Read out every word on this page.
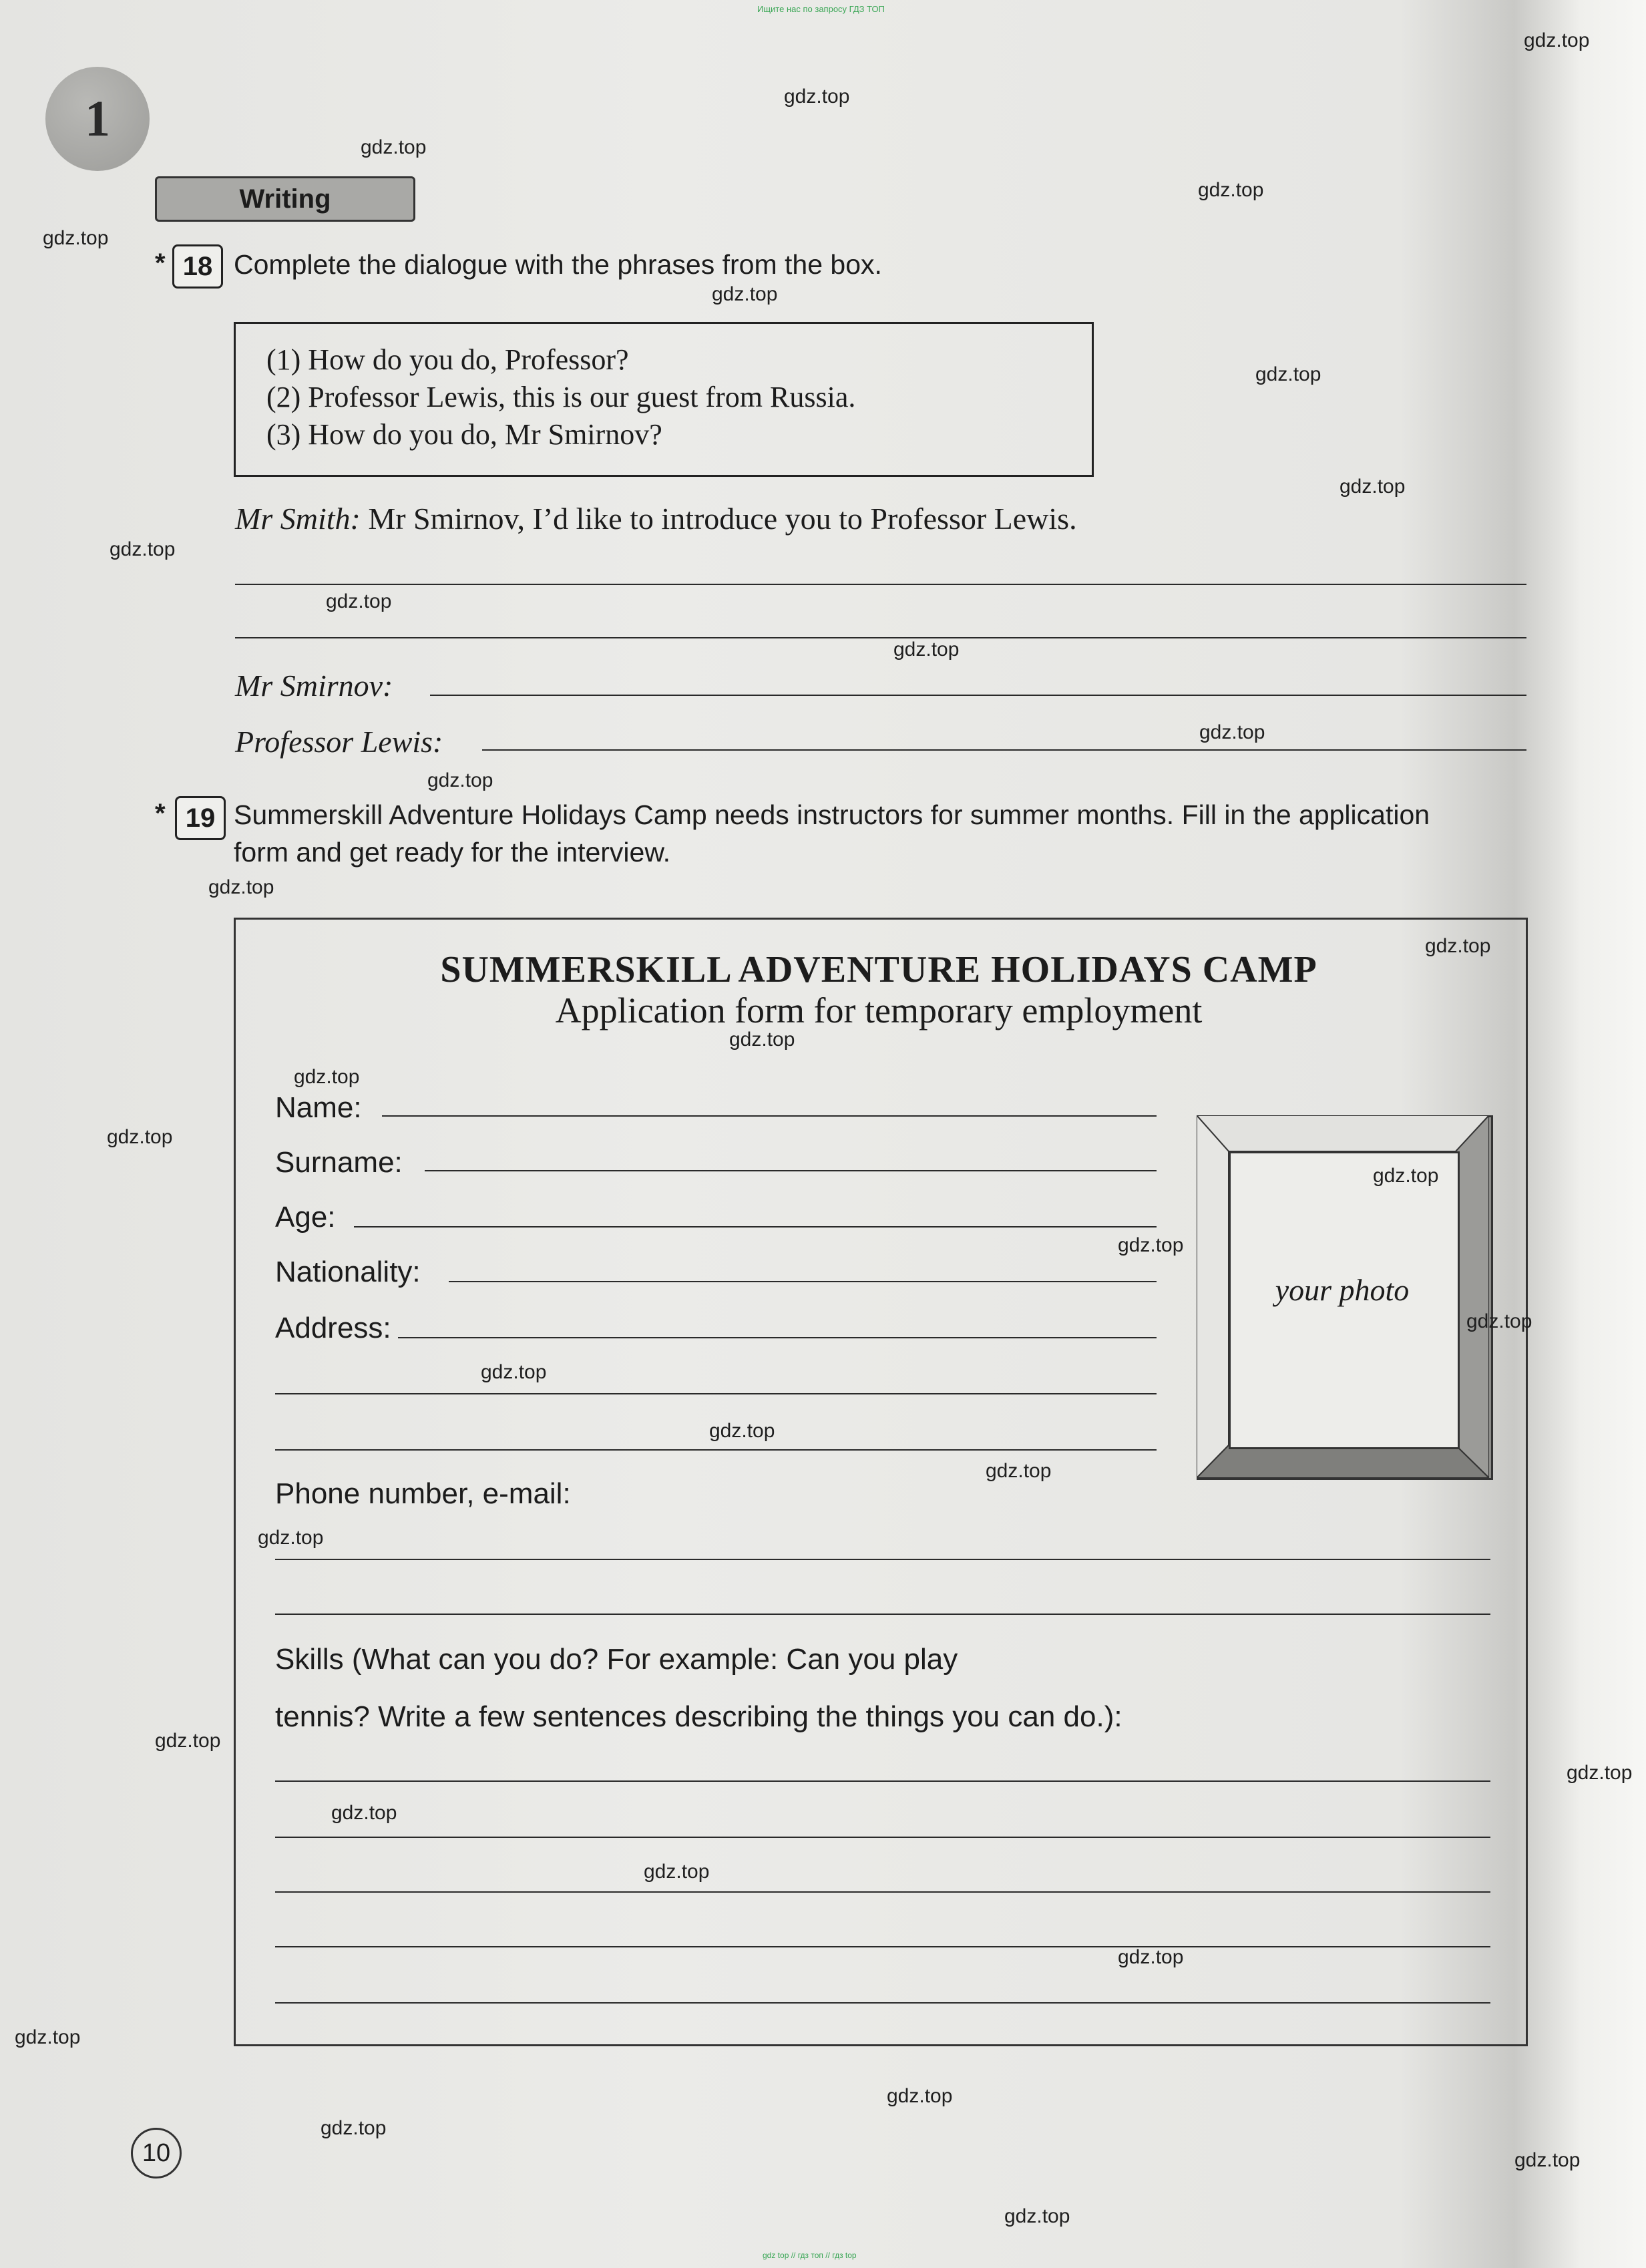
Ищите нас по запросу ГДЗ ТОП
1
Writing
* 18 Complete the dialogue with the phrases from the box.
(1) How do you do, Professor?
(2) Professor Lewis, this is our guest from Russia.
(3) How do you do, Mr Smirnov?
Mr Smith: Mr Smirnov, I’d like to introduce you to Professor Lewis.
Mr Smirnov:
Professor Lewis:
* 19 Summerskill Adventure Holidays Camp needs instructors for summer months. Fill in the application
form and get ready for the interview.
SUMMERSKILL ADVENTURE HOLIDAYS CAMP
Application form for temporary employment
Name:
Surname:
Age:
Nationality:
Address:
your photo
Phone number, e-mail:
Skills (What can you do? For example: Can you play
tennis? Write a few sentences describing the things you can do.):
10
gdz.top
gdz.top
gdz.top
gdz.top
gdz.top
gdz.top
gdz.top
gdz.top
gdz.top
gdz.top
gdz.top
gdz.top
gdz.top
gdz.top
gdz.top
gdz.top
gdz.top
gdz.top
gdz.top
gdz.top
gdz.top
gdz.top
gdz.top
gdz.top
gdz.top
gdz.top
gdz.top
gdz.top
gdz.top
gdz.top
gdz.top
gdz.top
gdz.top
gdz.top
gdz.top
gdz top // гдз топ // гдз top
